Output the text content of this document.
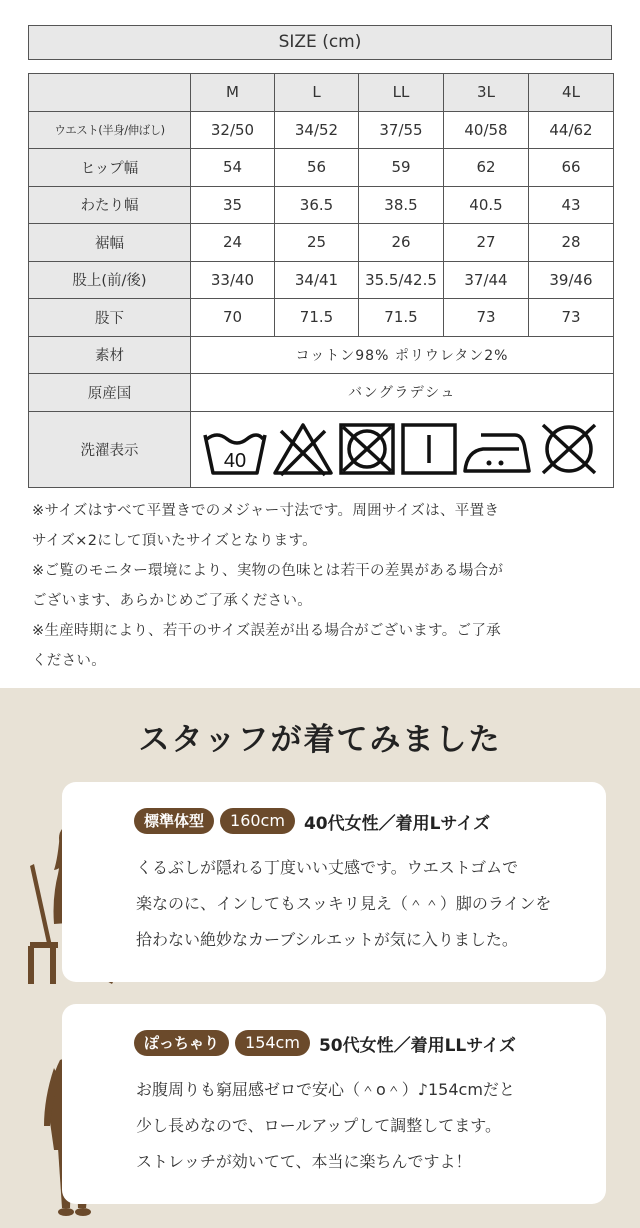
SIZE (cm)
	M	L	LL	3L	4L
ウエスト(半身/伸ばし)	32/50	34/52	37/55	40/58	44/62
ヒップ幅	54	56	59	62	66
わたり幅	35	36.5	38.5	40.5	43
裾幅	24	25	26	27	28
股上(前/後)	33/40	34/41	35.5/42.5	37/44	39/46
股下	70	71.5	71.5	73	73
素材	コットン98% ポリウレタン2%				
原産国	バングラデシュ				
洗濯表示	40				

※サイズはすべて平置きでのメジャー寸法です。周囲サイズは、平置き

サイズ×2にして頂いたサイズとなります。

※ご覧のモニター環境により、実物の色味とは若干の差異がある場合が

ございます、あらかじめご了承ください。

※生産時期により、若干のサイズ誤差が出る場合がございます。ご了承

ください。

スタッフが着てみました
標準体型	160cm	40代女性／着用Lサイズ

くるぶしが隠れる丁度いい丈感です。ウエストゴムで

楽なのに、インしてもスッキリ見え（＾＾）脚のラインを

拾わない絶妙なカーブシルエットが気に入りました。

ぽっちゃり	154cm	50代女性／着用LLサイズ

お腹周りも窮屈感ゼロで安心（＾o＾）♪154cmだと

少し長めなので、ロールアップして調整してます。

ストレッチが効いてて、本当に楽ちんですよ！
